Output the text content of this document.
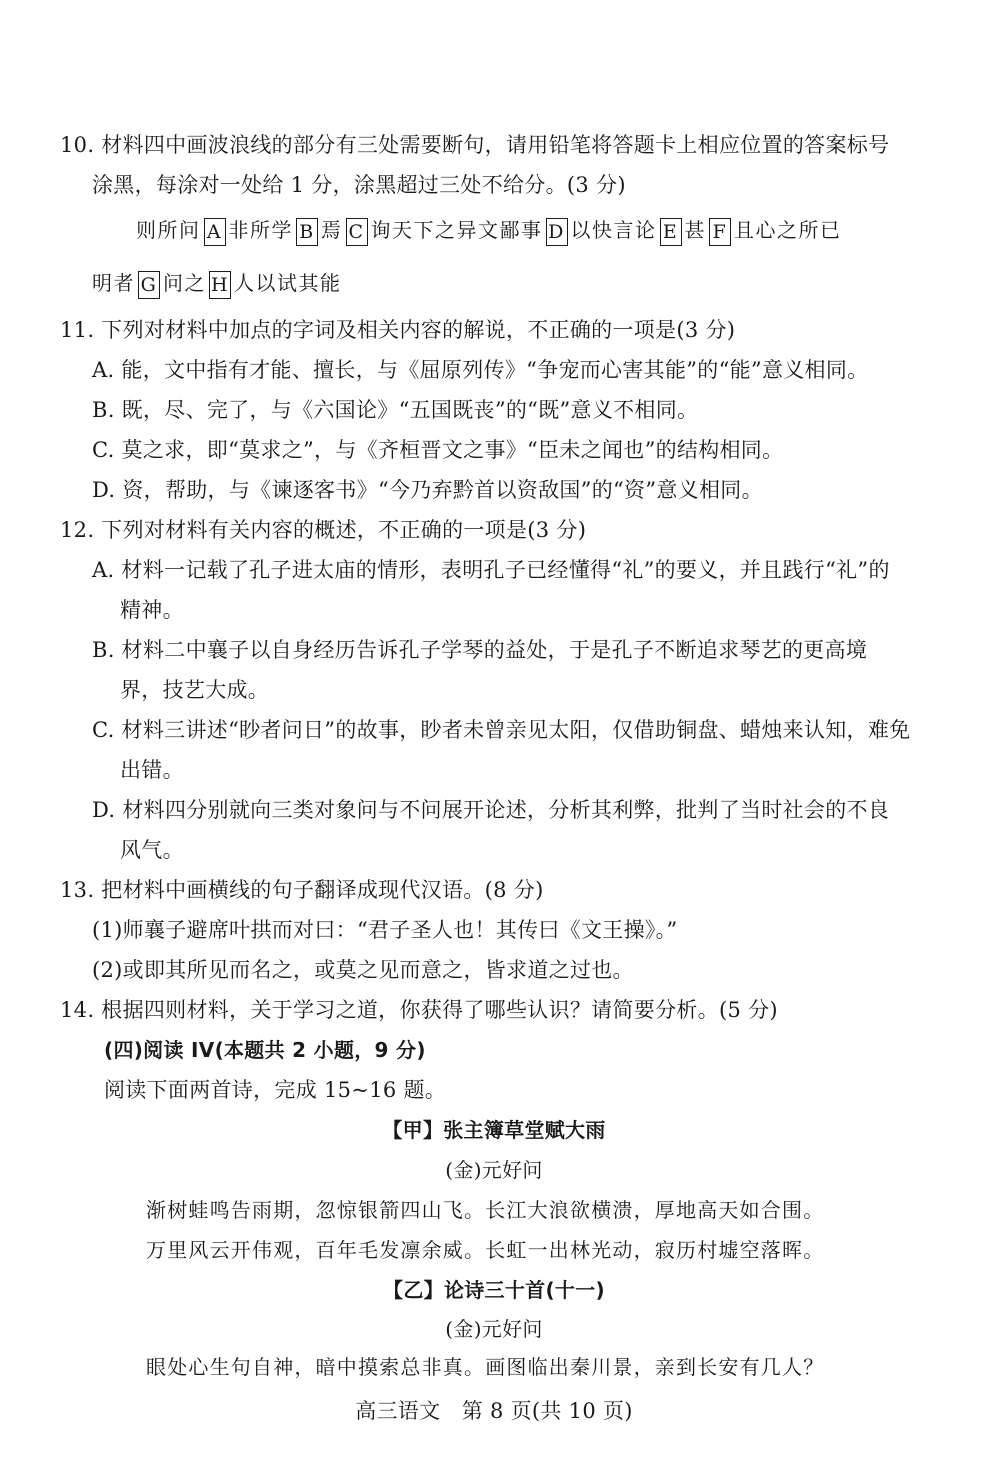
10. 材料四中画波浪线的部分有三处需要断句，请用铅笔将答题卡上相应位置的答案标号
涂黑，每涂对一处给 1 分，涂黑超过三处不给分。(3 分)
则所问 A 非所学 B 焉 C 询天下之异文鄙事 D 以快言论 E 甚 F 且心之所已
明者 G 问之 H 人以试其能
11. 下列对材料中加点的字词及相关内容的解说，不正确的一项是(3 分)
A. 能，文中指有才能、擅长，与《屈原列传》“争宠而心害其能”的“能”意义相同。
B. 既，尽、完了，与《六国论》“五国既丧”的“既”意义不相同。
C. 莫之求，即“莫求之”，与《齐桓晋文之事》“臣未之闻也”的结构相同。
D. 资，帮助，与《谏逐客书》“今乃弃黔首以资敌国”的“资”意义相同。
12. 下列对材料有关内容的概述，不正确的一项是(3 分)
A. 材料一记载了孔子进太庙的情形，表明孔子已经懂得“礼”的要义，并且践行“礼”的
精神。
B. 材料二中襄子以自身经历告诉孔子学琴的益处，于是孔子不断追求琴艺的更高境
界，技艺大成。
C. 材料三讲述“眇者问日”的故事，眇者未曾亲见太阳，仅借助铜盘、蜡烛来认知，难免
出错。
D. 材料四分别就向三类对象问与不问展开论述，分析其利弊，批判了当时社会的不良
风气。
13. 把材料中画横线的句子翻译成现代汉语。(8 分)
(1)师襄子避席叶拱而对曰：“君子圣人也！其传曰《文王操》。”
(2)或即其所见而名之，或莫之见而意之，皆求道之过也。
14. 根据四则材料，关于学习之道，你获得了哪些认识？请简要分析。(5 分)
(四)阅读 IV(本题共 2 小题，9 分)
阅读下面两首诗，完成 15~16 题。
【甲】张主簿草堂赋大雨
(金)元好问
渐树蛙鸣告雨期，忽惊银箭四山飞。长江大浪欲横溃，厚地高天如合围。
万里风云开伟观，百年毛发凛余威。长虹一出林光动，寂历村墟空落晖。
【乙】论诗三十首(十一)
(金)元好问
眼处心生句自神，暗中摸索总非真。画图临出秦川景，亲到长安有几人？
高三语文　第 8 页(共 10 页)
